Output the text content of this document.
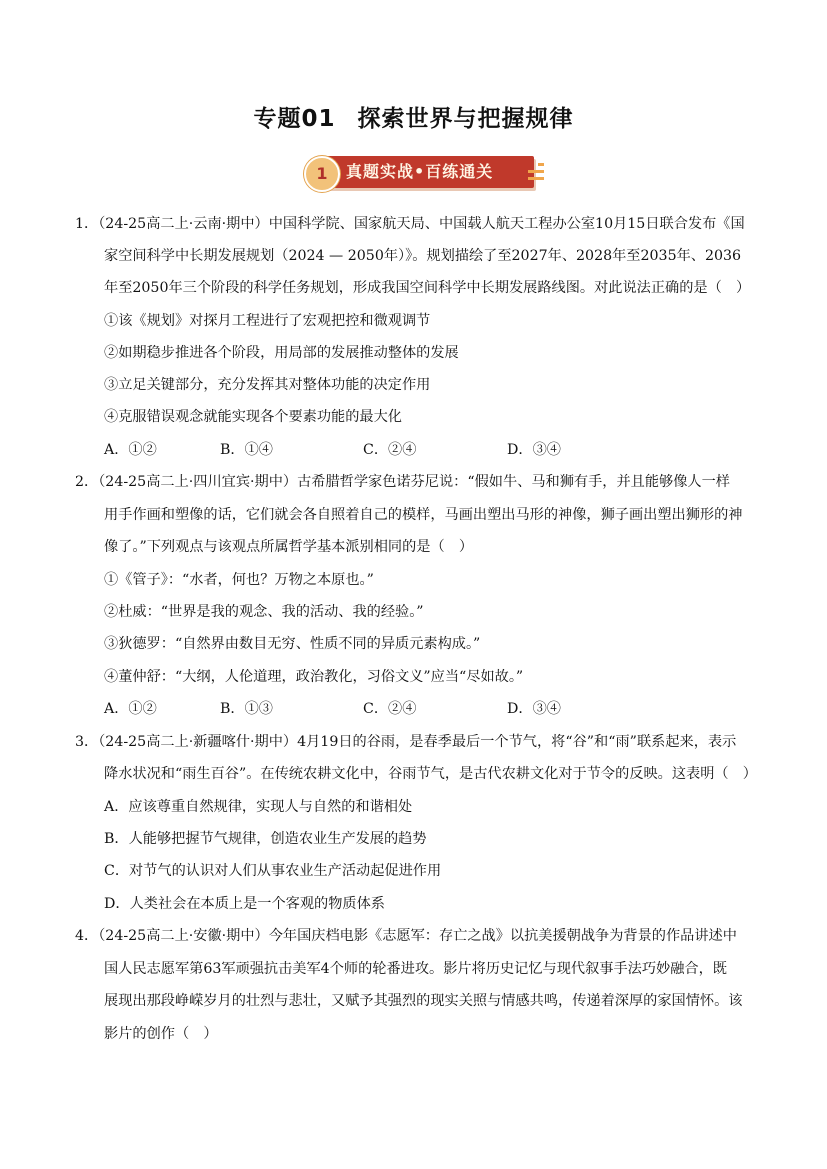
专题01 探索世界与把握规律
1	真题实战•百练通关
1．（24-25高二上·云南·期中）中国科学院、国家航天局、中国载人航天工程办公室10月15日联合发布《国
家空间科学中长期发展规划（2024 — 2050年）》。规划描绘了至2027年、2028年至2035年、2036
年至2050年三个阶段的科学任务规划，形成我国空间科学中长期发展路线图。对此说法正确的是（　）
①该《规划》对探月工程进行了宏观把控和微观调节
②如期稳步推进各个阶段，用局部的发展推动整体的发展
③立足关键部分，充分发挥其对整体功能的决定作用
④克服错误观念就能实现各个要素功能的最大化
A．①②	B．①④	C．②④	D．③④
2．（24-25高二上·四川宜宾·期中）古希腊哲学家色诺芬尼说：“假如牛、马和狮有手，并且能够像人一样
用手作画和塑像的话，它们就会各自照着自己的模样，马画出塑出马形的神像，狮子画出塑出狮形的神
像了。”下列观点与该观点所属哲学基本派别相同的是（　）
①《管子》：“水者，何也？万物之本原也。”
②杜威：“世界是我的观念、我的活动、我的经验。”
③狄德罗：“自然界由数目无穷、性质不同的异质元素构成。”
④董仲舒：“大纲，人伦道理，政治教化，习俗文义”应当“尽如故。”
A．①②	B．①③	C．②④	D．③④
3．（24-25高二上·新疆喀什·期中）4月19日的谷雨，是春季最后一个节气，将“谷”和“雨”联系起来，表示
降水状况和“雨生百谷”。在传统农耕文化中，谷雨节气，是古代农耕文化对于节令的反映。这表明（　）
A．应该尊重自然规律，实现人与自然的和谐相处
B．人能够把握节气规律，创造农业生产发展的趋势
C．对节气的认识对人们从事农业生产活动起促进作用
D．人类社会在本质上是一个客观的物质体系
4．（24-25高二上·安徽·期中）今年国庆档电影《志愿军：存亡之战》以抗美援朝战争为背景的作品讲述中
国人民志愿军第63军顽强抗击美军4个师的轮番进攻。影片将历史记忆与现代叙事手法巧妙融合，既
展现出那段峥嵘岁月的壮烈与悲壮，又赋予其强烈的现实关照与情感共鸣，传递着深厚的家国情怀。该
影片的创作（　）
